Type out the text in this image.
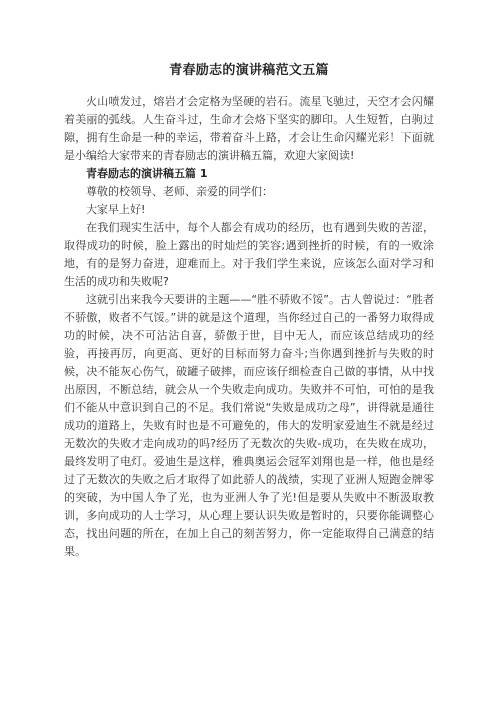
青春励志的演讲稿范文五篇

火山喷发过，熔岩才会定格为坚硬的岩石。流星飞驰过，天空才会闪耀着美丽的弧线。人生奋斗过，生命才会烙下坚实的脚印。人生短暂，白驹过隙，拥有生命是一种的幸运，带着奋斗上路，才会让生命闪耀光彩！下面就是小编给大家带来的青春励志的演讲稿五篇，欢迎大家阅读!

青春励志的演讲稿五篇 1

尊敬的校领导、老师、亲爱的同学们：

大家早上好!

在我们现实生活中，每个人都会有成功的经历，也有遇到失败的苦涩，取得成功的时候，脸上露出的时灿烂的笑容;遇到挫折的时候，有的一败涂地，有的是努力奋进，迎难而上。对于我们学生来说，应该怎么面对学习和生活的成功和失败呢?

这就引出来我今天要讲的主题——“胜不骄败不馁”。古人曾说过：“胜者不骄傲，败者不气馁。”讲的就是这个道理，当你经过自己的一番努力取得成功的时候，决不可沾沾自喜，骄傲于世，目中无人，而应该总结成功的经验，再接再厉，向更高、更好的目标而努力奋斗;当你遇到挫折与失败的时候，决不能灰心伤气，破罐子破摔，而应该仔细检查自己做的事情，从中找出原因，不断总结，就会从一个失败走向成功。失败并不可怕，可怕的是我们不能从中意识到自己的不足。我们常说“失败是成功之母”，讲得就是通往成功的道路上，失败有时也是不可避免的，伟大的发明家爱迪生不就是经过无数次的失败才走向成功的吗?经历了无数次的失败-成功，在失败在成功，最终发明了电灯。爱迪生是这样，雅典奥运会冠军刘翔也是一样，他也是经过了无数次的失败之后才取得了如此骄人的战绩，实现了亚洲人短跑金牌零的突破，为中国人争了光，也为亚洲人争了光!但是要从失败中不断汲取教训，多向成功的人士学习，从心理上要认识失败是暂时的，只要你能调整心态，找出问题的所在，在加上自己的刻苦努力，你一定能取得自己满意的结果。
